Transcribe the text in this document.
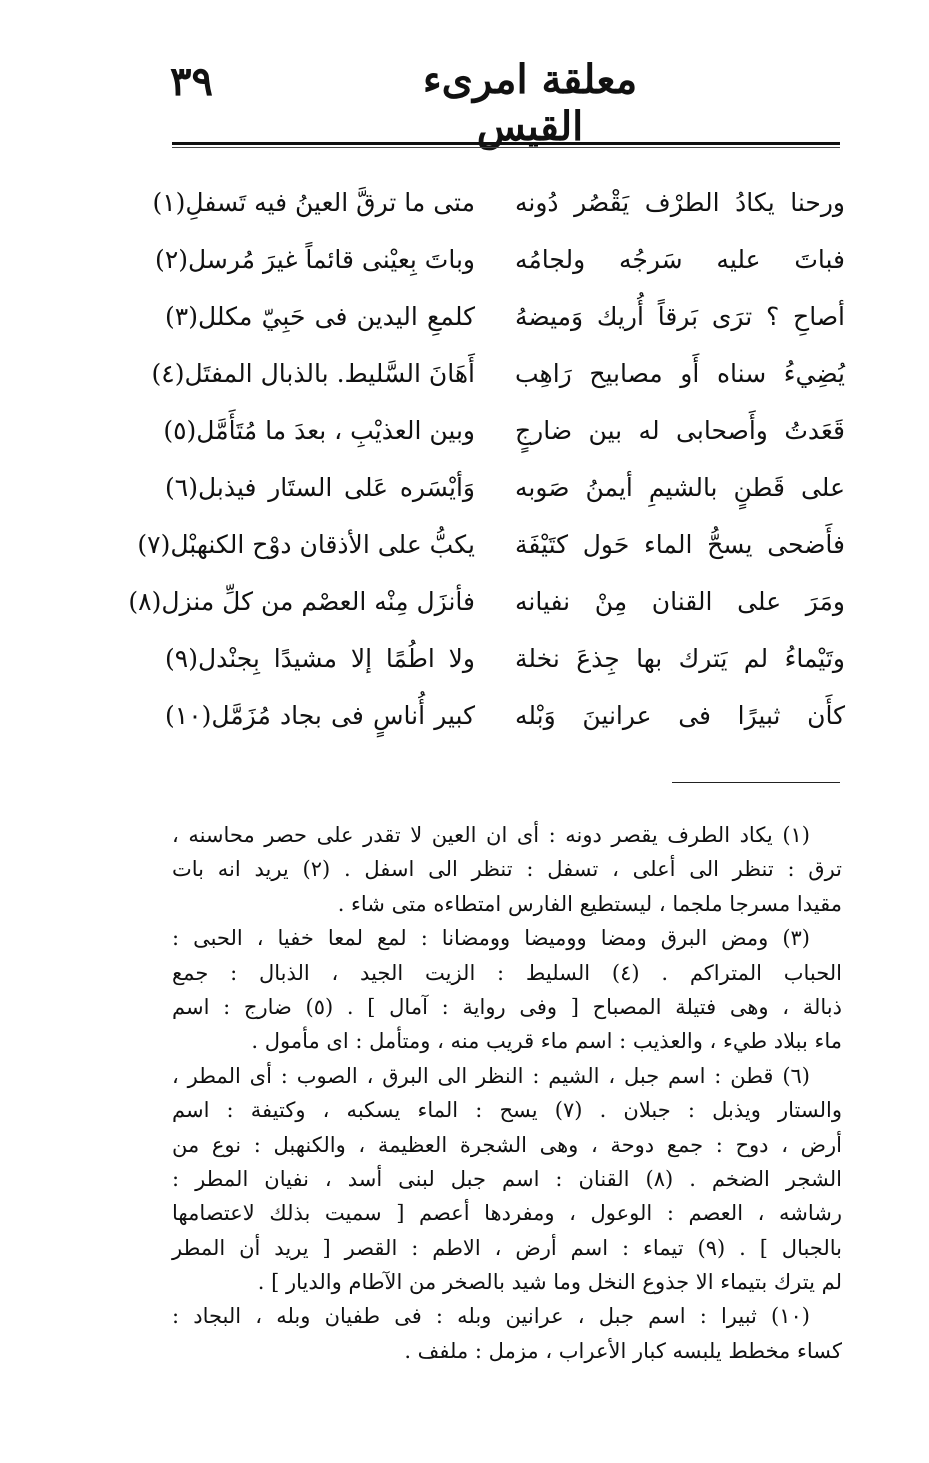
٣٩	معلقة امرىء القيس
ورحنا يكادُ الطرْف يَقْصُر دُونه
متى ما ترقَّ العينُ فيه تَسفلِ(١)
فباتَ عليه سَرجُه ولجامُه
وباتَ بِعيْنى قائماً غيرَ مُرسل(٢)
أصاحِ ؟ ترَى بَرقاً أُريك وَميضهُ
كلمعِ اليدين فى حَبِيّ مكلل(٣)
يُضِيءُ سناه أَو مصابيح رَاهِب
أَهَانَ السَّليط. بالذبال المفتَل(٤)
قَعَدتُ وأَصحابى له بين ضارجٍ
وبين العذيْبِ ، بعدَ ما مُتَأَمَّل(٥)
على قَطنٍ بالشيمِ أيمنُ صَوبه
وَأيْسَره عَلى الستَار فيذبل(٦)
فأَضحى يسحُّ الماء حَول كتَيْفَة
يكبُّ على الأذقان دوْح الكنهبْل(٧)
ومَرَ على القنان مِنْ نفيانه
فأنزَل مِنْه العصْم من كلِّ منزل(٨)
وتَيْماءُ لم يَترك بها جِذعَ نخلة
ولا اطُمًا إلا مشيدًا بِجنْدل(٩)
كأَن ثبيرًا فى عرانينَ وَبْله
كبير أُناسٍ فى بجاد مُزَمَّل(١٠)
(١) يكاد الطرف يقصر دونه : أى ان العين لا تقدر على حصر محاسنه ،
ترق : تنظر الى أعلى ، تسفل : تنظر الى اسفل . (٢) يريد انه بات
مقيدا مسرجا ملجما ، ليستطيع الفارس امتطاءه متى شاء .
(٣) ومض البرق ومضا ووميضا وومضانا : لمع لمعا خفيا ، الحبى :
الحباب المتراكم . (٤) السليط : الزيت الجيد ، الذبال : جمع
ذبالة ، وهى فتيلة المصباح [ وفى رواية : آمال ] . (٥) ضارج : اسم
ماء ببلاد طيء ، والعذيب : اسم ماء قريب منه ، ومتأمل : اى مأمول .
(٦) قطن : اسم جبل ، الشيم : النظر الى البرق ، الصوب : أى المطر ،
والستار ويذبل : جبلان . (٧) يسح : الماء يسكبه ، وكتيفة : اسم
أرض ، دوح : جمع دوحة ، وهى الشجرة العظيمة ، والكنهبل : نوع من
الشجر الضخم . (٨) القنان : اسم جبل لبنى أسد ، نفيان المطر :
رشاشه ، العصم : الوعول ، ومفردها أعصم [ سميت بذلك لاعتصامها
بالجبال ] . (٩) تيماء : اسم أرض ، الاطم : القصر [ يريد أن المطر
لم يترك بتيماء الا جذوع النخل وما شيد بالصخر من الآطام والديار ] .
(١٠) ثبيرا : اسم جبل ، عرانين وبله : فى طفيان وبله ، البجاد :
كساء مخطط يلبسه كبار الأعراب ، مزمل : ملفف .
